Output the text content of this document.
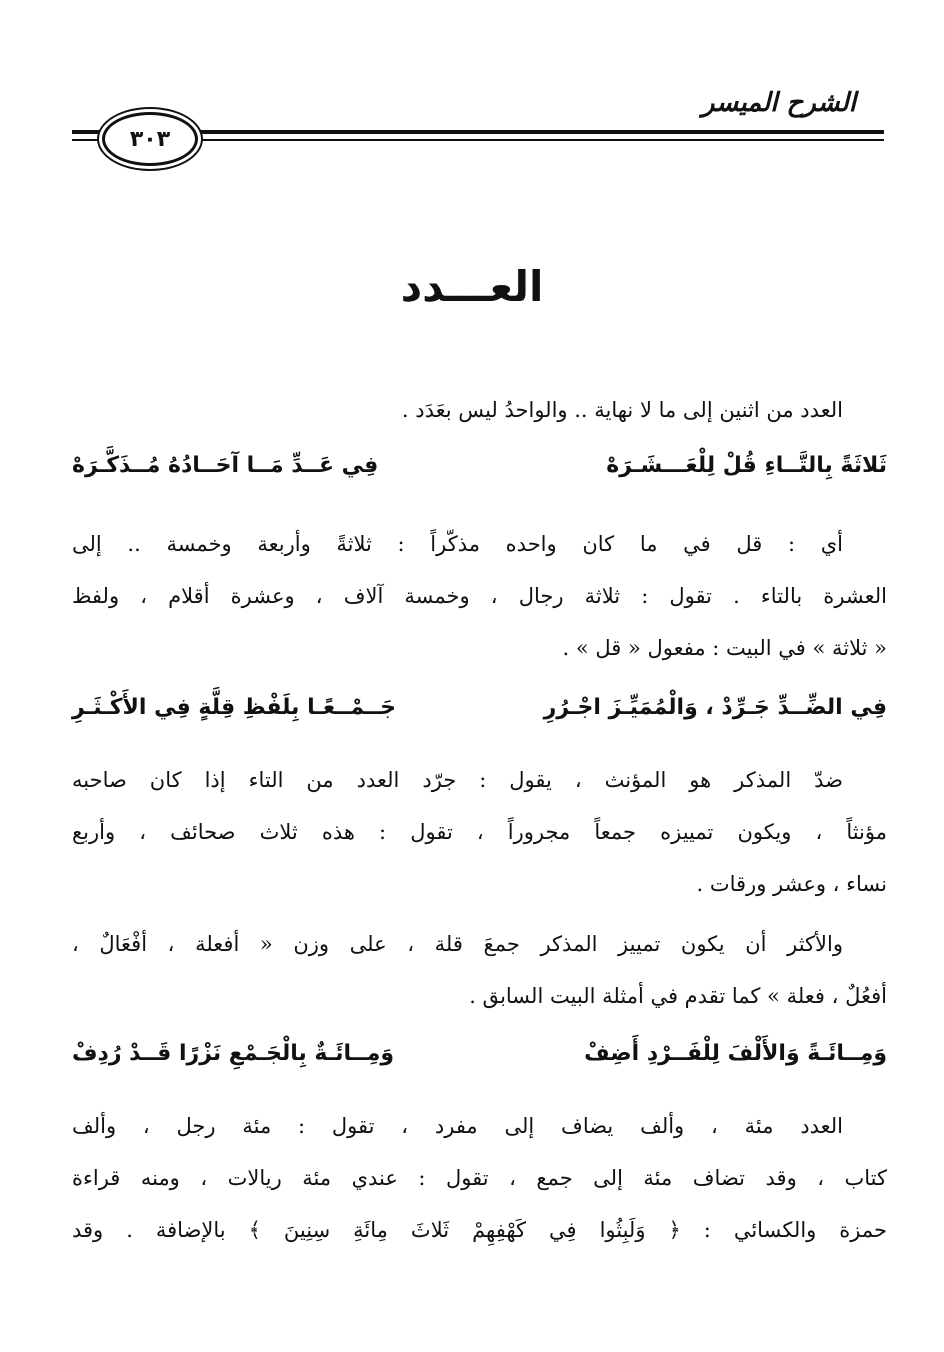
الشرح الميسر
٣٠٣
العـــدد
العدد من اثنين إلى ما لا نهاية .. والواحدُ ليس بعَدَد .
ثَلاثَةً بِالتَّــاءِ قُلْ لِلْعَـــشَـرَهْ
فِي عَــدِّ مَــا آحَــادُهُ مُــذَكَّـرَهْ
أي : قل في ما كان واحده مذكّراً : ثلاثةً وأربعة وخمسة .. إلى
العشرة بالتاء . تقول : ثلاثة رجال ، وخمسة آلاف ، وعشرة أقلام ، ولفظ
« ثلاثة » في البيت : مفعول « قل » .
فِي الضِّــدِّ جَـرِّدْ ، وَالْمُمَيِّـزَ اجْـرُرِ
جَــمْــعًـا بِلَفْظِ قِلَّةٍ فِي الأَكْـثَـرِ
ضدّ المذكر هو المؤنث ، يقول : جرّد العدد من التاء إذا كان صاحبه
مؤنثاً ، ويكون تمييزه جمعاً مجروراً ، تقول : هذه ثلاث صحائف ، وأربع
نساء ، وعشر ورقات .
والأكثر أن يكون تمييز المذكر جمعَ قلة ، على وزن « أفعلة ، أفْعَالٌ ،
أفعُلٌ ، فعلة » كما تقدم في أمثلة البيت السابق .
وَمِــائَـةً وَالأَلْفَ لِلْفَــرْدِ أَضِفْ
وَمِــائَـةٌ بِالْجَـمْعِ نَزْرًا قَــدْ رُدِفْ
العدد مئة ، وألف يضاف إلى مفرد ، تقول : مئة رجل ، وألف
كتاب ، وقد تضاف مئة إلى جمع ، تقول : عندي مئة ريالات ، ومنه قراءة
حمزة والكسائي : ﴿ وَلَبِثُوا فِي كَهْفِهِمْ ثَلاثَ مِائَةِ سِنِينَ ﴾ بالإضافة . وقد
